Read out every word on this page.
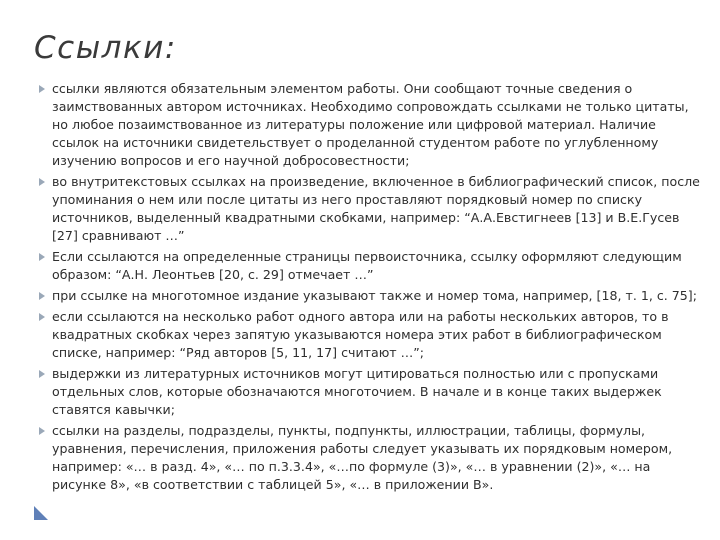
Ссылки:
ссылки являются обязательным элементом работы. Они сообщают точные сведения о заимствованных автором источниках. Необходимо сопровождать ссылками не только цитаты, но любое позаимствованное из литературы положение или цифровой материал. Наличие ссылок на источники свидетельствует о проделанной студентом работе по углубленному изучению вопросов и его научной добросовестности;
во внутритекстовых ссылках на произведение, включенное в библиографический список, после упоминания о нем или после цитаты из него проставляют порядковый номер по списку источников, выделенный квадратными скобками, например: “А.А.Евстигнеев [13] и В.Е.Гусев [27] сравнивают …”
Если ссылаются на определенные страницы первоисточника, ссылку оформляют следующим образом: “А.Н. Леонтьев [20, с. 29] отмечает …”
при ссылке на многотомное издание указывают также и номер тома, например, [18, т. 1, с. 75];
если ссылаются на несколько работ одного автора или на работы нескольких авторов, то в квадратных скобках через запятую указываются номера этих работ в библиографическом списке, например: “Ряд авторов [5, 11, 17] считают …”;
выдержки из литературных источников могут цитироваться полностью или с пропусками отдельных слов, которые обозначаются многоточием. В начале и в конце таких выдержек ставятся кавычки;
ссылки на разделы, подразделы, пункты, подпункты, иллюстрации, таблицы, формулы, уравнения, перечисления, приложения работы следует указывать их порядковым номером, например: «… в разд. 4», «… по п.3.3.4», «…по формуле (3)», «… в уравнении (2)», «… на рисунке 8», «в соответствии с таблицей 5», «… в приложении В».
